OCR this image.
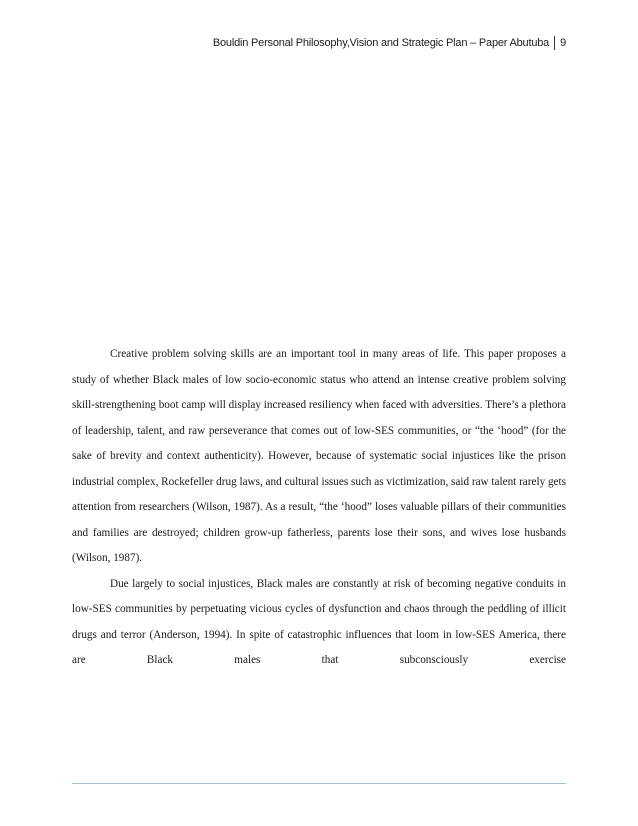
Bouldin Personal Philosophy,Vision and Strategic Plan – Paper Abutuba 9

Creative problem solving skills are an important tool in many areas of life. This paper proposes a study of whether Black males of low socio-economic status who attend an intense creative problem solving skill-strengthening boot camp will display increased resiliency when faced with adversities. There’s a plethora of leadership, talent, and raw perseverance that comes out of low-SES communities, or “the ‘hood” (for the sake of brevity and context authenticity). However, because of systematic social injustices like the prison industrial complex, Rockefeller drug laws, and cultural issues such as victimization, said raw talent rarely gets attention from researchers (Wilson, 1987). As a result, “the ‘hood” loses valuable pillars of their communities and families are destroyed; children grow-up fatherless, parents lose their sons, and wives lose husbands (Wilson, 1987).

Due largely to social injustices, Black males are constantly at risk of becoming negative conduits in low-SES communities by perpetuating vicious cycles of dysfunction and chaos through the peddling of illicit drugs and terror (Anderson, 1994). In spite of catastrophic influences that loom in low-SES America, there are Black males that subconsciously exercise
